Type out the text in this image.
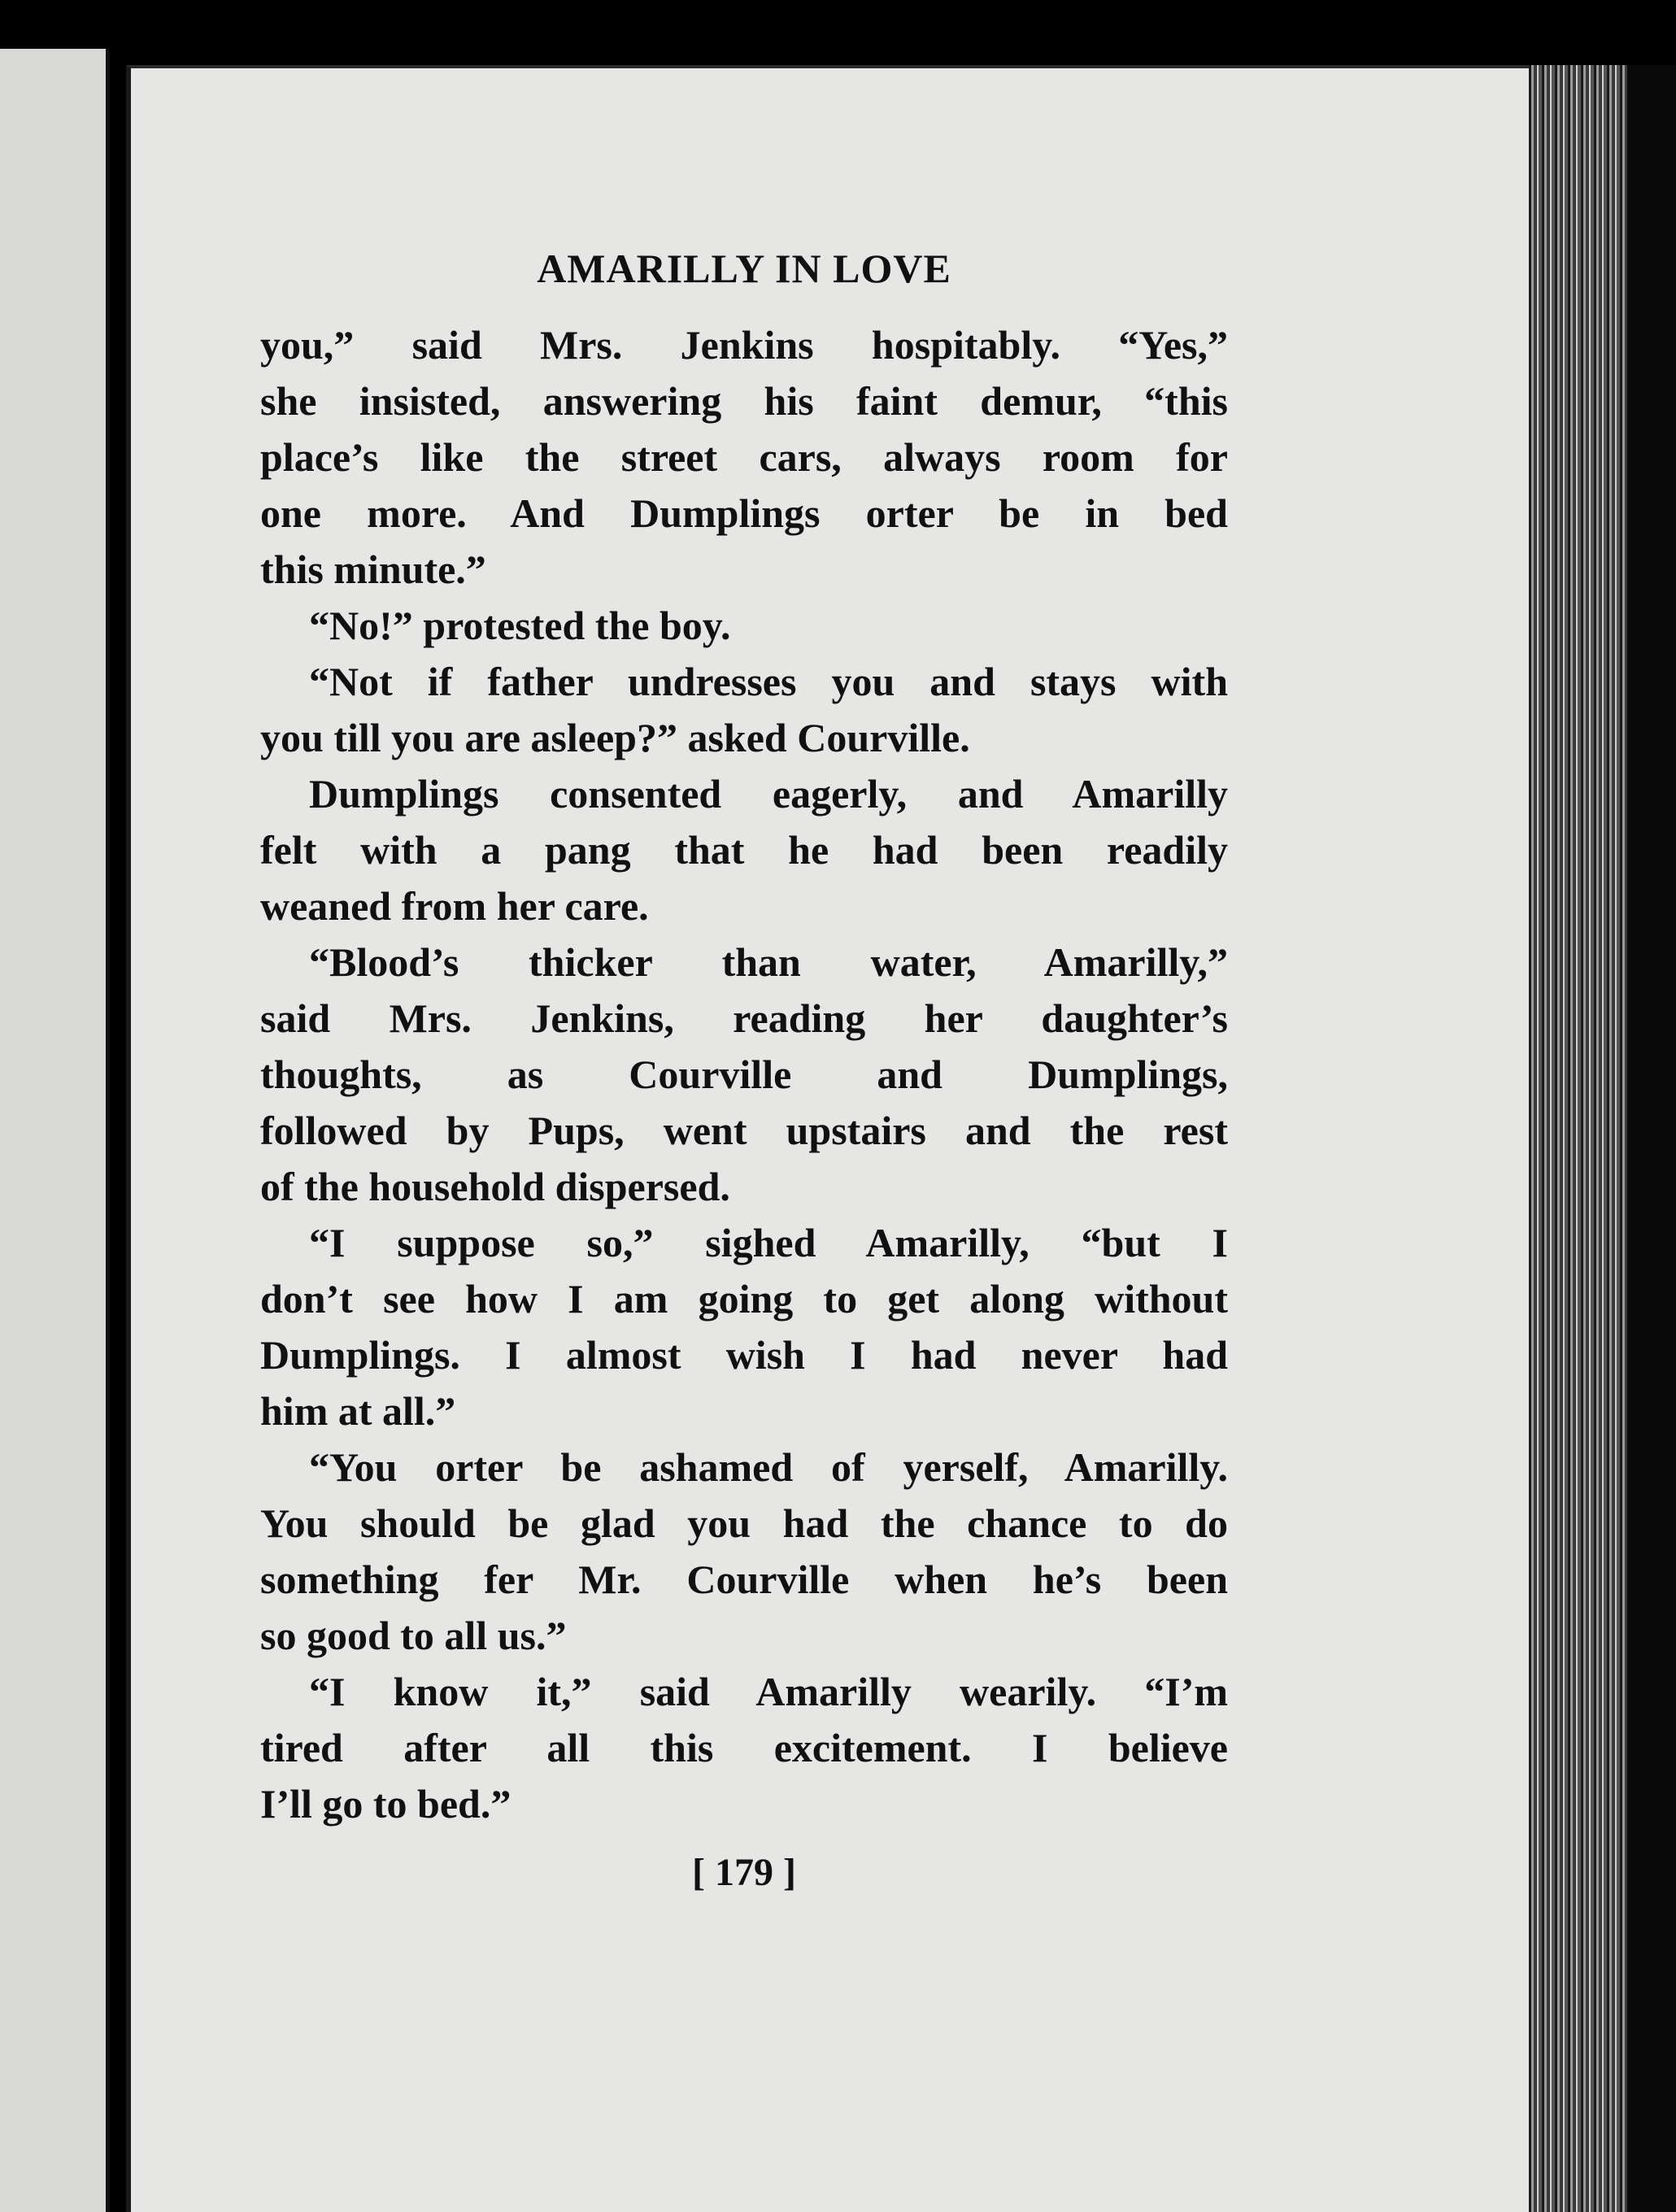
AMARILLY IN LOVE
you,” said Mrs. Jenkins hospitably. “Yes,”
she insisted, answering his faint demur, “this
place’s like the street cars, always room for
one more. And Dumplings orter be in bed
this minute.”
“No!” protested the boy.
“Not if father undresses you and stays with
you till you are asleep?” asked Courville.
Dumplings consented eagerly, and Amarilly
felt with a pang that he had been readily
weaned from her care.
“Blood’s thicker than water, Amarilly,”
said Mrs. Jenkins, reading her daughter’s
thoughts, as Courville and Dumplings,
followed by Pups, went upstairs and the rest
of the household dispersed.
“I suppose so,” sighed Amarilly, “but I
don’t see how I am going to get along without
Dumplings. I almost wish I had never had
him at all.”
“You orter be ashamed of yerself, Amarilly.
You should be glad you had the chance to do
something fer Mr. Courville when he’s been
so good to all us.”
“I know it,” said Amarilly wearily. “I’m
tired after all this excitement. I believe
I’ll go to bed.”
[ 179 ]
